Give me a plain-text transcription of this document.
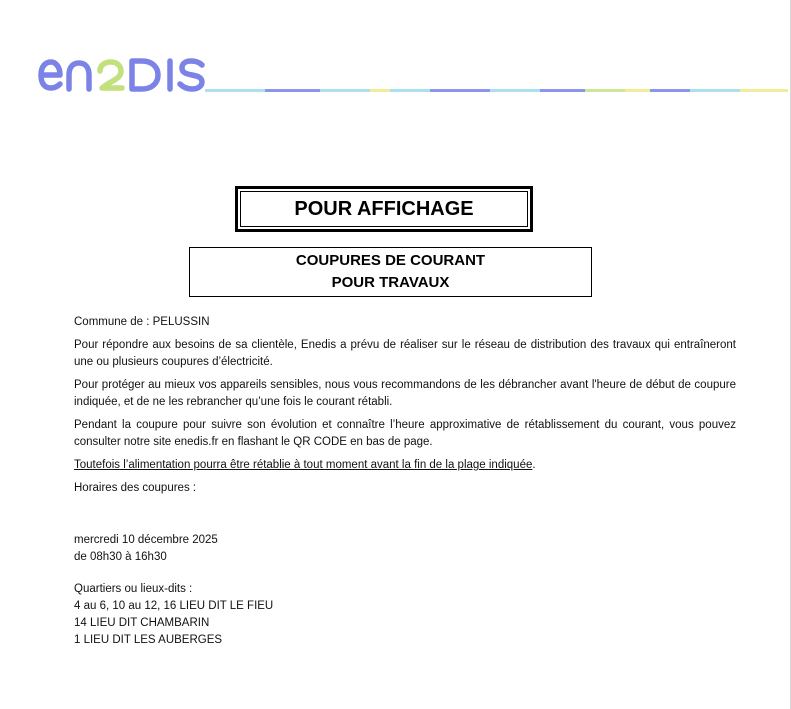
POUR AFFICHAGE
COUPURES DE COURANT
POUR TRAVAUX

Commune de : PELUSSIN

Pour répondre aux besoins de sa clientèle, Enedis a prévu de réaliser sur le réseau de distribution des travaux qui entraîneront une ou plusieurs coupures d’électricité.

Pour protéger au mieux vos appareils sensibles, nous vous recommandons de les débrancher avant l'heure de début de coupure indiquée, et de ne les rebrancher qu’une fois le courant rétabli.

Pendant la coupure pour suivre son évolution et connaître l’heure approximative de rétablissement du courant, vous pouvez consulter notre site enedis.fr en flashant le QR CODE en bas de page.

Toutefois l’alimentation pourra être rétablie à tout moment avant la fin de la plage indiquée.

Horaires des coupures :

mercredi 10 décembre 2025
de 08h30 à 16h30
Quartiers ou lieux-dits :
4 au 6, 10 au 12, 16 LIEU DIT LE FIEU
14 LIEU DIT CHAMBARIN
1 LIEU DIT LES AUBERGES
